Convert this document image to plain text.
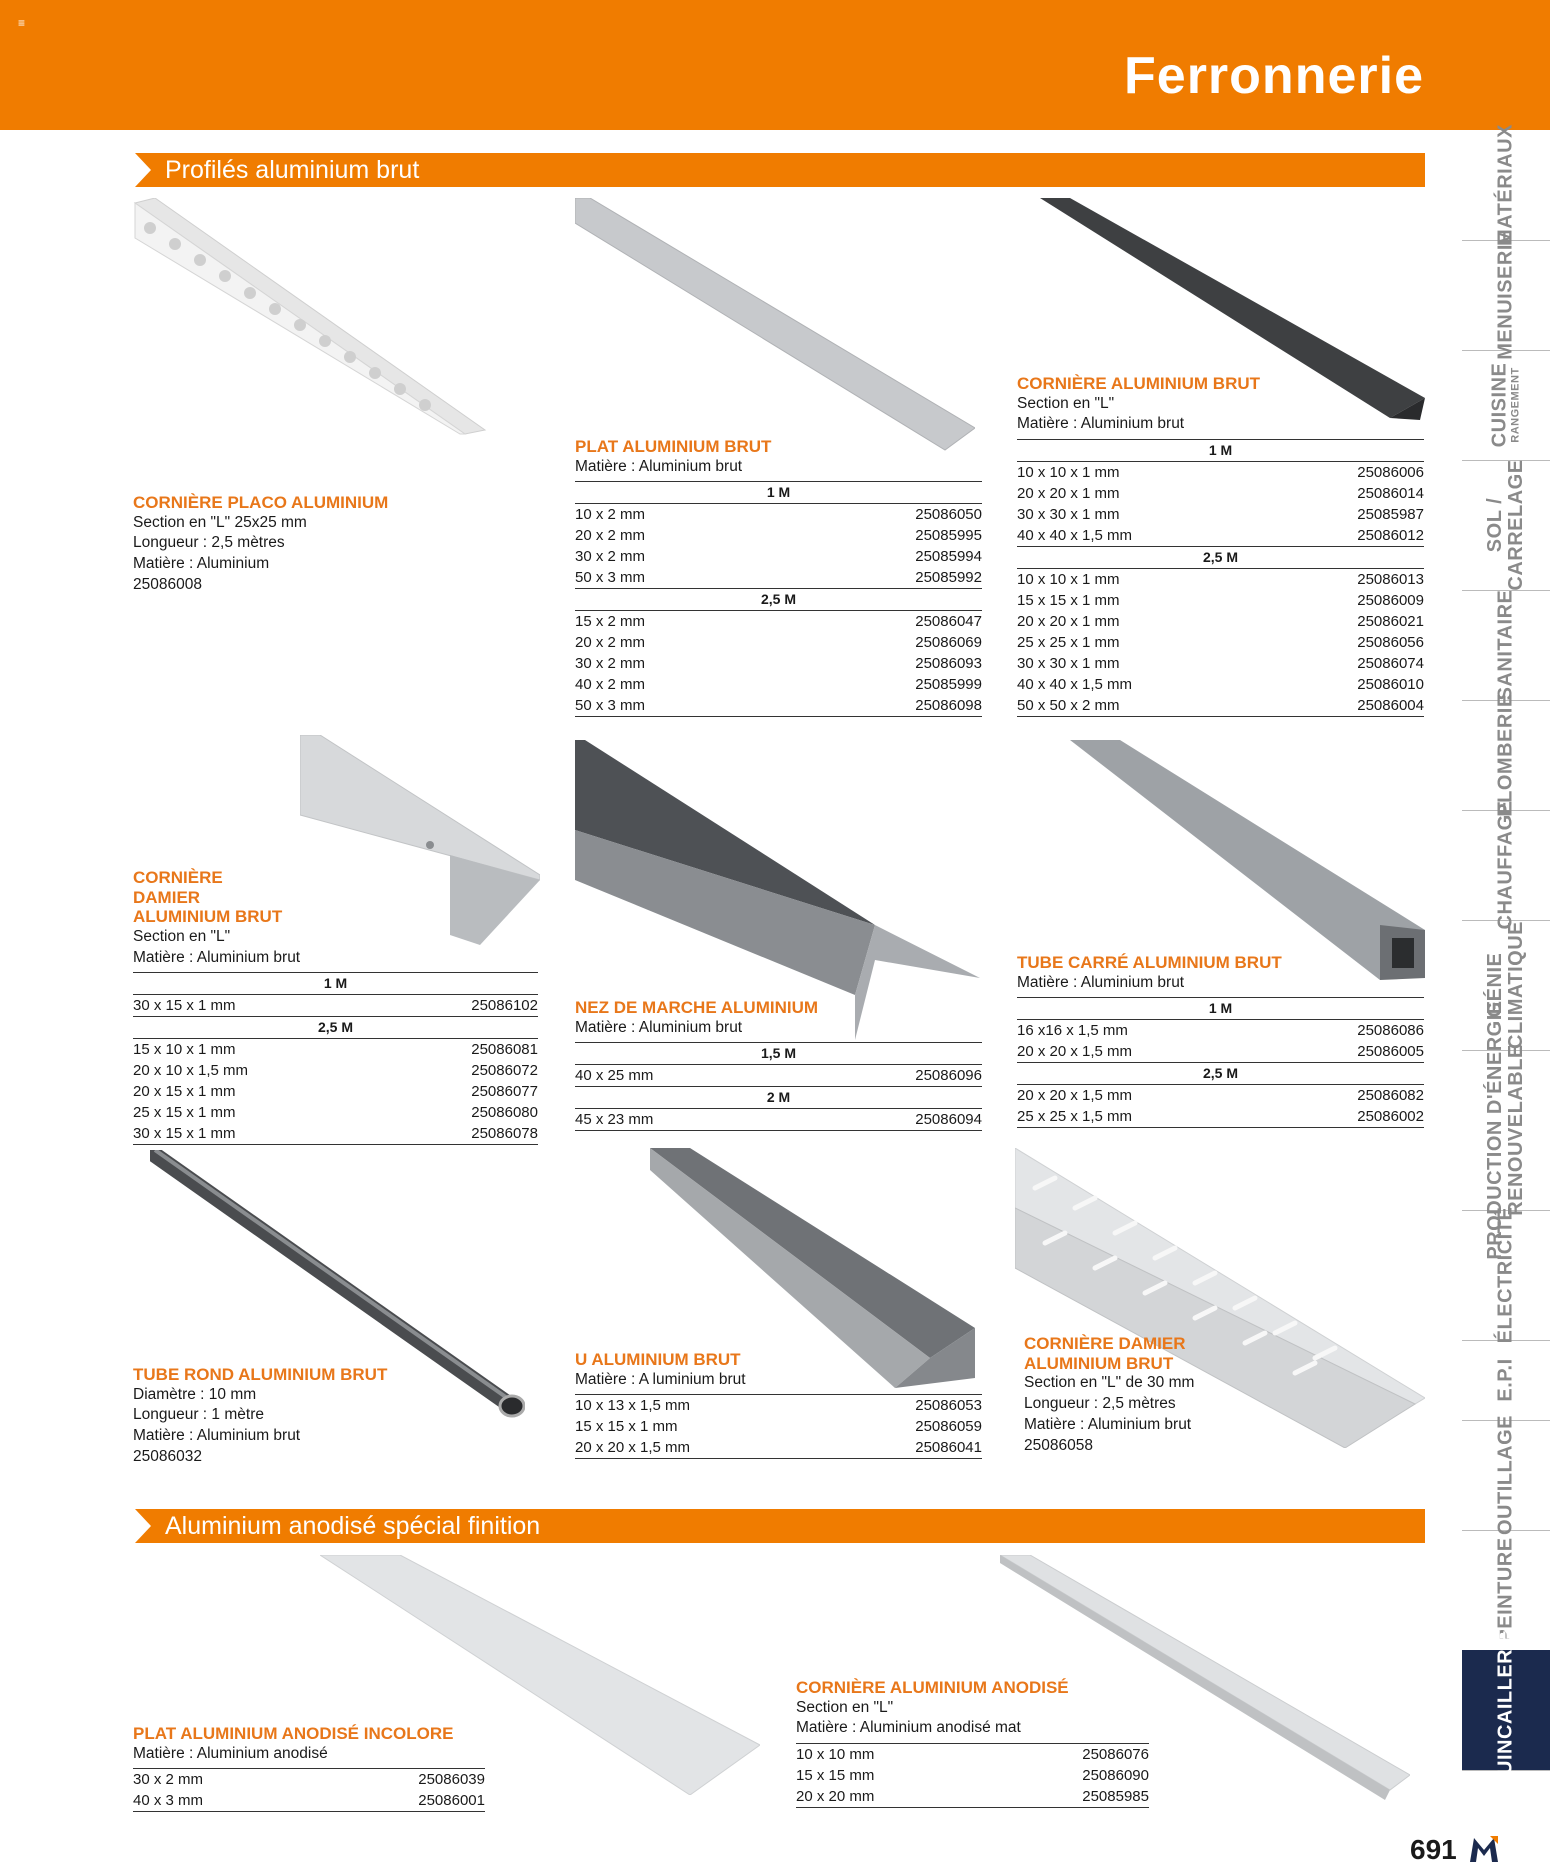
≡
Ferronnerie
Profilés aluminium brut
Aluminium anodisé spécial finition
MATÉRIAUX
MENUISERIE
CUISINE RANGEMENT
SOL / CARRELAGE
SANITAIRE
PLOMBERIE
CHAUFFAGE
GÉNIE CLIMATIQUE
PRODUCTION D'ÉNERGIE RENOUVELABLE
ÉLECTRICITÉ
E.P.I
OUTILLAGE
PEINTURE
QUINCAILLERIE
CORNIÈRE PLACO ALUMINIUM
Section en "L" 25x25 mm
Longueur : 2,5 mètres
Matière : Aluminium
25086008
PLAT ALUMINIUM BRUT
Matière : Aluminium brut
1 M	
10 x 2 mm	25086050
20 x 2 mm	25085995
30 x 2 mm	25085994
50 x 3 mm	25085992
2,5 M	
15 x 2 mm	25086047
20 x 2 mm	25086069
30 x 2 mm	25086093
40 x 2 mm	25085999
50 x 3 mm	25086098
CORNIÈRE ALUMINIUM BRUT
Section en "L"
Matière : Aluminium brut
1 M	
10 x 10 x 1 mm	25086006
20 x 20 x 1 mm	25086014
30 x 30 x 1 mm	25085987
40 x 40 x 1,5 mm	25086012
2,5 M	
10 x 10 x 1 mm	25086013
15 x 15 x 1 mm	25086009
20 x 20 x 1 mm	25086021
25 x 25 x 1 mm	25086056
30 x 30 x 1 mm	25086074
40 x 40 x 1,5 mm	25086010
50 x 50 x 2 mm	25086004
CORNIÈRE DAMIER ALUMINIUM BRUT
Section en "L"
Matière : Aluminium brut
1 M	
30 x 15 x 1 mm	25086102
2,5 M	
15 x 10 x 1 mm	25086081
20 x 10 x 1,5 mm	25086072
20 x 15 x 1 mm	25086077
25 x 15 x 1 mm	25086080
30 x 15 x 1 mm	25086078
NEZ DE MARCHE ALUMINIUM
Matière : Aluminium brut
1,5 M	
40 x 25 mm	25086096
2 M	
45 x 23 mm	25086094
TUBE CARRÉ ALUMINIUM BRUT
Matière : Aluminium brut
1 M	
16 x16 x 1,5 mm	25086086
20 x 20 x 1,5 mm	25086005
2,5 M	
20 x 20 x 1,5 mm	25086082
25 x 25 x 1,5 mm	25086002
TUBE ROND ALUMINIUM BRUT
Diamètre : 10 mm
Longueur : 1 mètre
Matière : Aluminium brut
25086032
U ALUMINIUM BRUT
Matière : A luminium brut
10 x 13 x 1,5 mm	25086053
15 x 15 x 1 mm	25086059
20 x 20 x 1,5 mm	25086041
CORNIÈRE DAMIER ALUMINIUM BRUT
Section en "L" de 30 mm
Longueur : 2,5 mètres
Matière : Aluminium brut
25086058
PLAT ALUMINIUM ANODISÉ INCOLORE
Matière : Aluminium anodisé
30 x 2 mm	25086039
40 x 3 mm	25086001
CORNIÈRE ALUMINIUM ANODISÉ
Section en "L"
Matière : Aluminium anodisé mat
10 x 10 mm	25086076
15 x 15 mm	25086090
20 x 20 mm	25085985
691
